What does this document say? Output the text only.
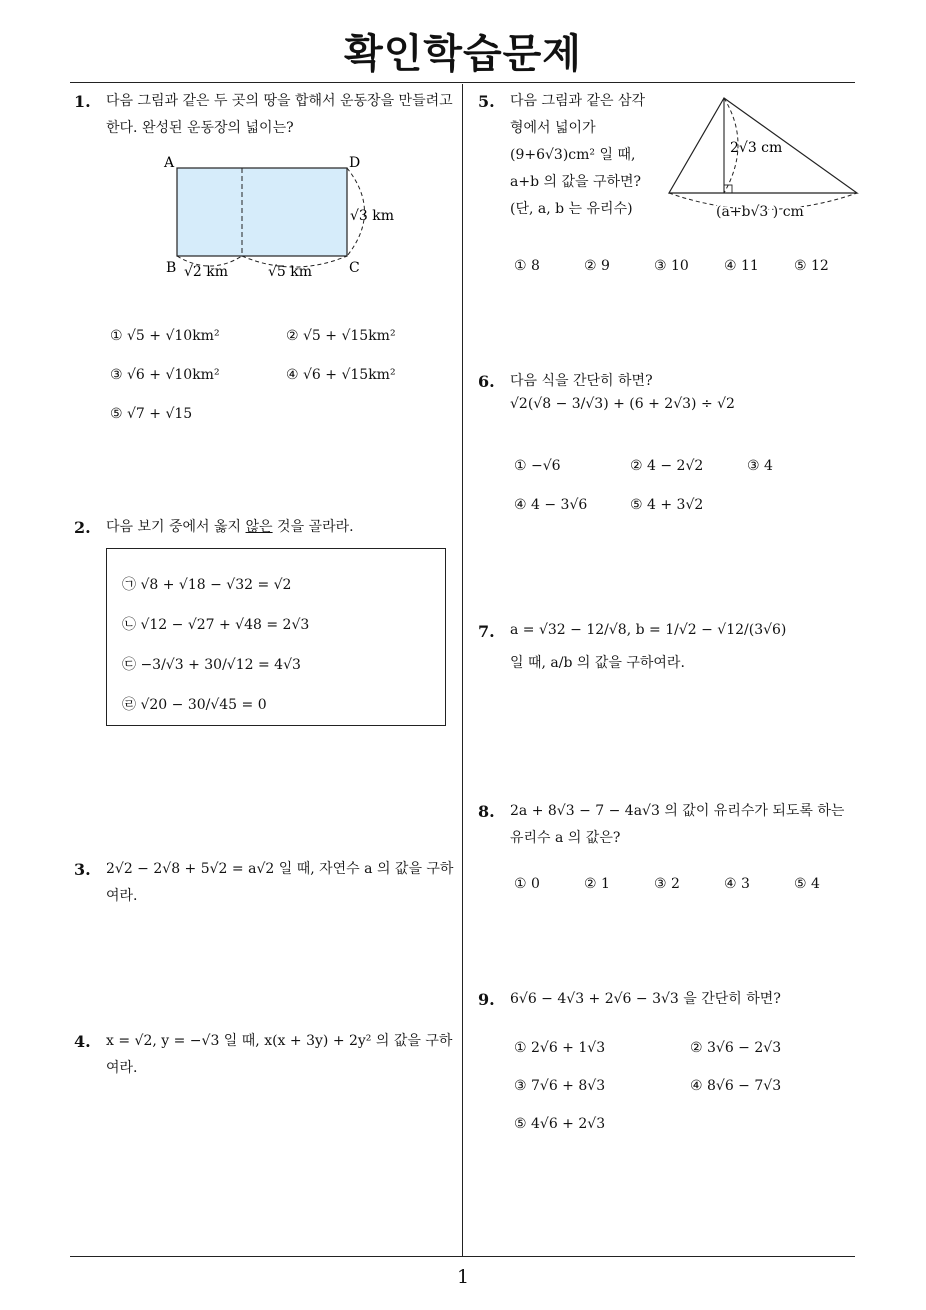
확인학습문제
1
1. 다음 그림과 같은 두 곳의 땅을 합해서 운동장을 만들려고 한다. 완성된 운동장의 넓이는?
A	D
B	C
√3 km
√2 km	√5 km
① √5 + √10km²	② √5 + √15km²
③ √6 + √10km²	④ √6 + √15km²
⑤ √7 + √15
2. 다음 보기 중에서 옳지 않은 것을 골라라.
㉠ √8 + √18 − √32 = √2
㉡ √12 − √27 + √48 = 2√3
㉢ −3/√3 + 30/√12 = 4√3
㉣ √20 − 30/√45 = 0
3. 2√2 − 2√8 + 5√2 = a√2 일 때, 자연수 a 의 값을 구하여라.
4. x = √2, y = −√3 일 때, x(x + 3y) + 2y² 의 값을 구하여라.
5. 다음 그림과 같은 삼각형에서 넓이가 (9+6√3)cm² 일 때, a+b 의 값을 구하면? (단, a, b 는 유리수)
2√3 cm
(a+b√3 ) cm
① 8	② 9	③ 10	④ 11	⑤ 12
6. 다음 식을 간단히 하면?
√2(√8 − 3/√3) + (6 + 2√3) ÷ √2
① −√6	② 4 − 2√2	③ 4
④ 4 − 3√6	⑤ 4 + 3√2
7. a = √32 − 12/√8, b = 1/√2 − √12/(3√6)
일 때, a/b 의 값을 구하여라.
8. 2a + 8√3 − 7 − 4a√3 의 값이 유리수가 되도록 하는 유리수 a 의 값은?
① 0	② 1	③ 2	④ 3	⑤ 4
9. 6√6 − 4√3 + 2√6 − 3√3 을 간단히 하면?
① 2√6 + 1√3	② 3√6 − 2√3
③ 7√6 + 8√3	④ 8√6 − 7√3
⑤ 4√6 + 2√3
